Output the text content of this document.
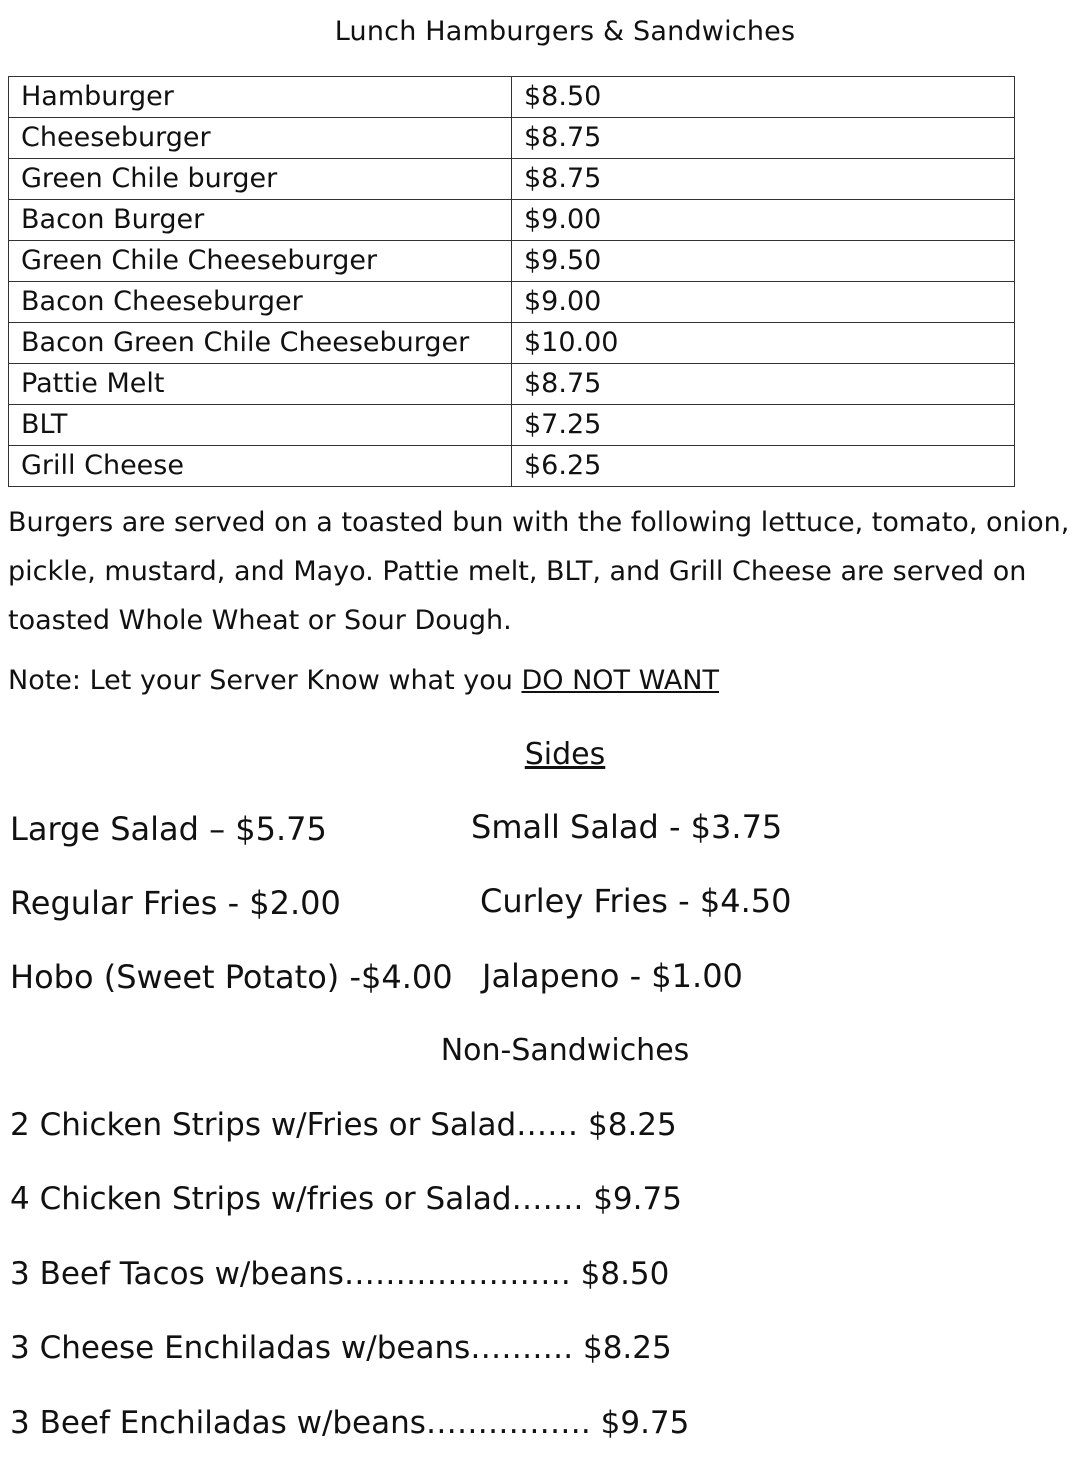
Lunch Hamburgers & Sandwiches
Hamburger	$8.50
Cheeseburger	$8.75
Green Chile burger	$8.75
Bacon Burger	$9.00
Green Chile Cheeseburger	$9.50
Bacon Cheeseburger	$9.00
Bacon Green Chile Cheeseburger	$10.00
Pattie Melt	$8.75
BLT	$7.25
Grill Cheese	$6.25
Burgers are served on a toasted bun with the following lettuce, tomato, onion, pickle, mustard, and Mayo. Pattie melt, BLT, and Grill Cheese are served on toasted Whole Wheat or Sour Dough.
Note: Let your Server Know what you DO NOT WANT
Sides
Large Salad – $5.75	Small Salad - $3.75
Regular Fries - $2.00	Curley Fries - $4.50
Hobo (Sweet Potato) -$4.00 Jalapeno - $1.00
Non-Sandwiches
2 Chicken Strips w/Fries or Salad…… $8.25
4 Chicken Strips w/fries or Salad……. $9.75
3 Beef Tacos w/beans…………………. $8.50
3 Cheese Enchiladas w/beans………. $8.25
3 Beef Enchiladas w/beans……………. $9.75
